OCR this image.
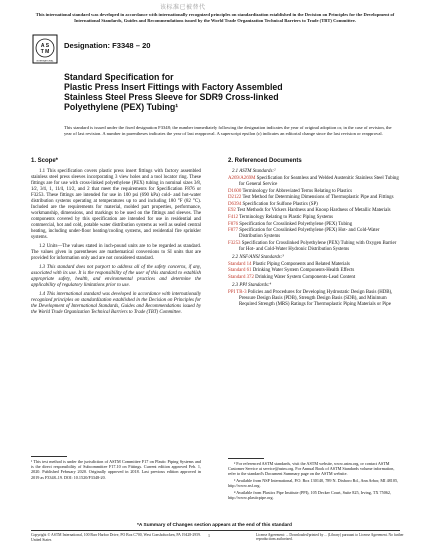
该标准已被替代
This international standard was developed in accordance with internationally recognized principles on standardization established in the Decision on Principles for the Development of International Standards, Guides and Recommendations issued by the World Trade Organization Technical Barriers to Trade (TBT) Committee.
A S
T M
INTERNATIONAL
Designation: F3348 – 20
Standard Specification for
Plastic Press Insert Fittings with Factory Assembled
Stainless Steel Press Sleeve for SDR9 Cross-linked
Polyethylene (PEX) Tubing¹
This standard is issued under the fixed designation F3348; the number immediately following the designation indicates the year of original adoption or, in the case of revision, the year of last revision. A number in parentheses indicates the year of last reapproval. A superscript epsilon (ε) indicates an editorial change since the last revision or reapproval.
1. Scope*
1.1 This specification covers plastic press insert fittings with factory assembled stainless steel press sleeves incorporating 3 view holes and a tool locator ring. These fittings are for use with cross-linked polyethylene (PEX) tubing in nominal sizes 3⁄8, 1⁄2, 3⁄4, 1, 11⁄4, 11⁄2, and 2 that meet the requirements for Specification F876 or F3253. These fittings are intended for use in 100 psi (690 kPa) cold- and hot-water distribution systems operating at temperatures up to and including 180 °F (82 °C). Included are the requirements for material, molded part properties, performance, workmanship, dimensions, and markings to be used on the fittings and sleeves. The components covered by this specification are intended for use in residential and commercial, hot and cold, potable water distribution systems as well as sealed central heating, including under-floor heating/cooling systems, and residential fire sprinkler systems.
1.2 Units—The values stated in inch-pound units are to be regarded as standard. The values given in parentheses are mathematical conversions to SI units that are provided for information only and are not considered standard.
1.3 This standard does not purport to address all of the safety concerns, if any, associated with its use. It is the responsibility of the user of this standard to establish appropriate safety, health, and environmental practices and determine the applicability of regulatory limitations prior to use.
1.4 This international standard was developed in accordance with internationally recognized principles on standardization established in the Decision on Principles for the Development of International Standards, Guides and Recommendations issued by the World Trade Organization Technical Barriers to Trade (TBT) Committee.
2. Referenced Documents
2.1 ASTM Standards:²
A269/A269M Specification for Seamless and Welded Austenitic Stainless Steel Tubing for General Service
D1600 Terminology for Abbreviated Terms Relating to Plastics
D2122 Test Method for Determining Dimensions of Thermoplastic Pipe and Fittings
D6394 Specification for Sulfone Plastics (SP)
E92 Test Methods for Vickers Hardness and Knoop Hardness of Metallic Materials
F412 Terminology Relating to Plastic Piping Systems
F876 Specification for Crosslinked Polyethylene (PEX) Tubing
F877 Specification for Crosslinked Polyethylene (PEX) Hot- and Cold-Water Distribution Systems
F3253 Specification for Crosslinked Polyethylene (PEX) Tubing with Oxygen Barrier for Hot- and Cold-Water Hydronic Distribution Systems
2.2 NSF/ANSI Standards:³
Standard 14 Plastic Piping Components and Related Materials
Standard 61 Drinking Water System Components-Health Effects
Standard 372 Drinking Water System Components-Lead Content
2.3 PPI Standards:⁴
PPI TR-3 Policies and Procedures for Developing Hydrostatic Design Basis (HDB), Pressure Design Basis (PDB), Strength Design Basis (SDB), and Minimum Required Strength (MRS) Ratings for Thermoplastic Piping Materials or Pipe
¹ This test method is under the jurisdiction of ASTM Committee F17 on Plastic Piping Systems and is the direct responsibility of Subcommittee F17.10 on Fittings. Current edition approved Feb. 1, 2020. Published February 2020. Originally approved in 2018. Last previous edition approved in 2019 as F3348–19. DOI: 10.1520/F3348-20.
² For referenced ASTM standards, visit the ASTM website, www.astm.org, or contact ASTM Customer Service at service@astm.org. For Annual Book of ASTM Standards volume information, refer to the standard's Document Summary page on the ASTM website.
³ Available from NSF International, P.O. Box 130140, 789 N. Dixboro Rd., Ann Arbor, MI 48105, http://www.nsf.org.
⁴ Available from Plastics Pipe Institute (PPI), 105 Decker Court, Suite 825, Irving, TX 75062, http://www.plasticpipe.org.
*A Summary of Changes section appears at the end of this standard
Copyright © ASTM International, 100 Barr Harbor Drive, PO Box C700, West Conshohocken, PA 19428-2959. United States
1	License Agreement: ... Downloaded/printed by ... (Library) pursuant to License Agreement. No further reproductions authorized.
